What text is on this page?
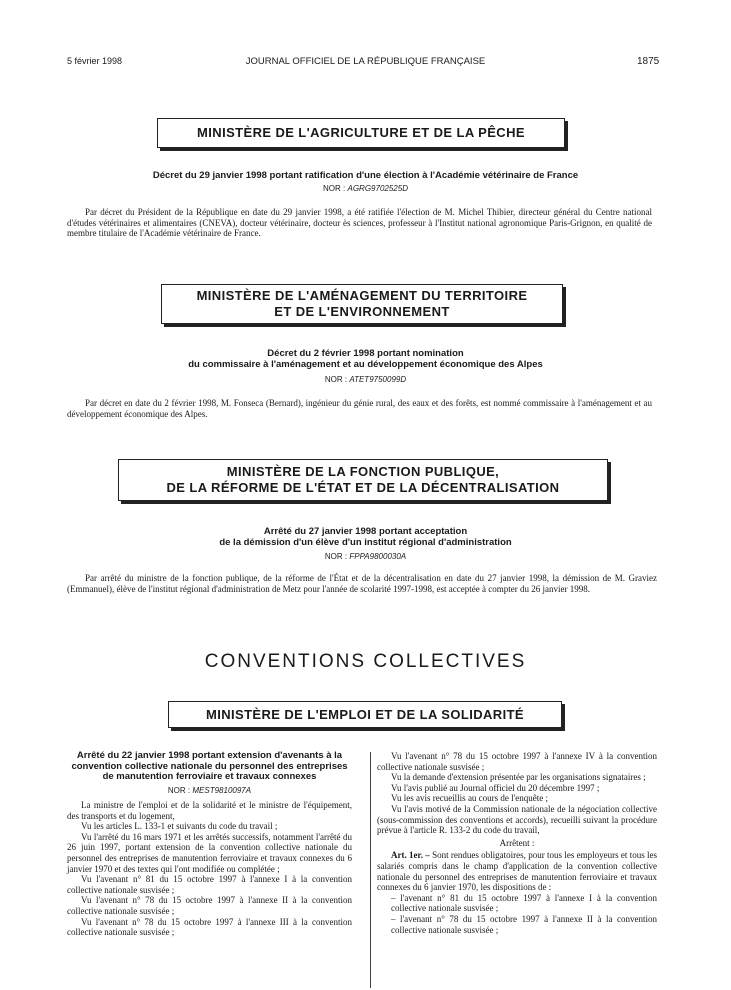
5 février 1998	JOURNAL OFFICIEL DE LA RÉPUBLIQUE FRANÇAISE	1875
MINISTÈRE DE L'AGRICULTURE ET DE LA PÊCHE
Décret du 29 janvier 1998 portant ratification d'une élection à l'Académie vétérinaire de France
NOR : AGRG9702525D

Par décret du Président de la République en date du 29 janvier 1998, a été ratifiée l'élection de M. Michel Thibier, directeur général du Centre national d'études vétérinaires et alimentaires (CNEVA), docteur vétérinaire, docteur ès sciences, professeur à l'Institut national agronomique Paris-Grignon, en qualité de membre titulaire de l'Académie vétérinaire de France.

MINISTÈRE DE L'AMÉNAGEMENT DU TERRITOIRE
ET DE L'ENVIRONNEMENT
Décret du 2 février 1998 portant nomination
du commissaire à l'aménagement et au développement économique des Alpes
NOR : ATET9750099D

Par décret en date du 2 février 1998, M. Fonseca (Bernard), ingénieur du génie rural, des eaux et des forêts, est nommé commissaire à l'aménagement et au développement économique des Alpes.

MINISTÈRE DE LA FONCTION PUBLIQUE,
DE LA RÉFORME DE L'ÉTAT ET DE LA DÉCENTRALISATION
Arrêté du 27 janvier 1998 portant acceptation
de la démission d'un élève d'un institut régional d'administration
NOR : FPPA9800030A

Par arrêté du ministre de la fonction publique, de la réforme de l'État et de la décentralisation en date du 27 janvier 1998, la démission de M. Graviez (Emmanuel), élève de l'institut régional d'administration de Metz pour l'année de scolarité 1997-1998, est acceptée à compter du 26 janvier 1998.

CONVENTIONS COLLECTIVES
MINISTÈRE DE L'EMPLOI ET DE LA SOLIDARITÉ

Arrêté du 22 janvier 1998 portant extension d'avenants à la convention collective nationale du personnel des entreprises de manutention ferroviaire et travaux connexes

NOR : MEST9810097A

La ministre de l'emploi et de la solidarité et le ministre de l'équipement, des transports et du logement,

Vu les articles L. 133-1 et suivants du code du travail ;

Vu l'arrêté du 16 mars 1971 et les arrêtés successifs, notamment l'arrêté du 26 juin 1997, portant extension de la convention collective nationale du personnel des entreprises de manutention ferroviaire et travaux connexes du 6 janvier 1970 et des textes qui l'ont modifiée ou complétée ;

Vu l'avenant n° 81 du 15 octobre 1997 à l'annexe I à la convention collective nationale susvisée ;

Vu l'avenant n° 78 du 15 octobre 1997 à l'annexe II à la convention collective nationale susvisée ;

Vu l'avenant n° 78 du 15 octobre 1997 à l'annexe III à la convention collective nationale susvisée ;

Vu l'avenant n° 78 du 15 octobre 1997 à l'annexe IV à la convention collective nationale susvisée ;

Vu la demande d'extension présentée par les organisations signataires ;

Vu l'avis publié au Journal officiel du 20 décembre 1997 ;

Vu les avis recueillis au cours de l'enquête ;

Vu l'avis motivé de la Commission nationale de la négociation collective (sous-commission des conventions et accords), recueilli suivant la procédure prévue à l'article R. 133-2 du code du travail,

Arrêtent :

Art. 1er. – Sont rendues obligatoires, pour tous les employeurs et tous les salariés compris dans le champ d'application de la convention collective nationale du personnel des entreprises de manutention ferroviaire et travaux connexes du 6 janvier 1970, les dispositions de :

– l'avenant n° 81 du 15 octobre 1997 à l'annexe I à la convention collective nationale susvisée ;

– l'avenant n° 78 du 15 octobre 1997 à l'annexe II à la convention collective nationale susvisée ;
